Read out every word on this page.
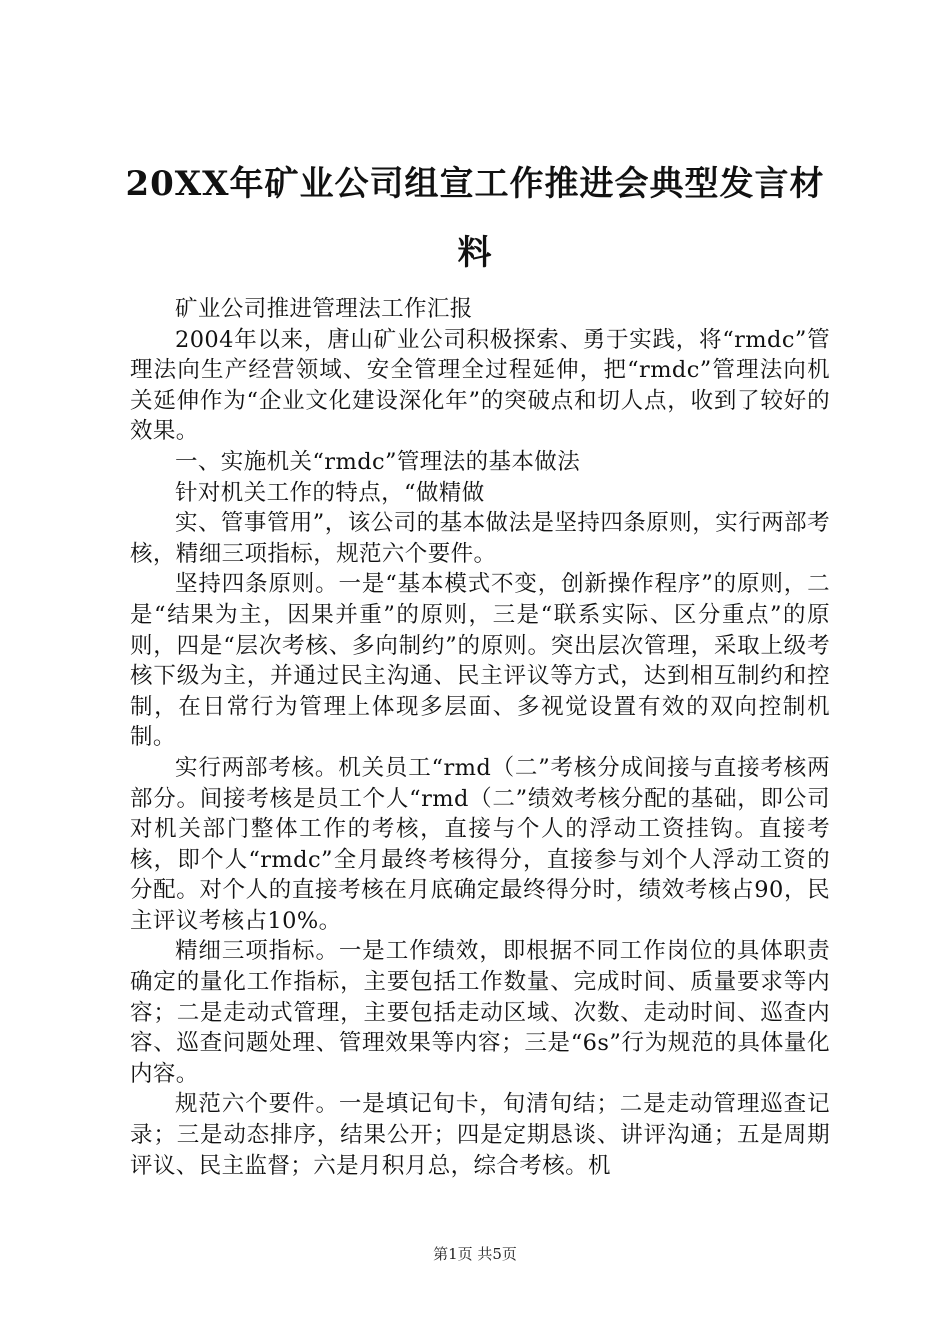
20XX年矿业公司组宣工作推进会典型发言材料

矿业公司推进管理法工作汇报

2004年以来，唐山矿业公司积极探索、勇于实践，将“rmdc”管理法向生产经营领域、安全管理全过程延伸，把“rmdc”管理法向机关延伸作为“企业文化建设深化年”的突破点和切人点，收到了较好的效果。

一、实施机关“rmdc”管理法的基本做法

针对机关工作的特点，“做精做

实、管事管用”，该公司的基本做法是坚持四条原则，实行两部考核，精细三项指标，规范六个要件。

坚持四条原则。一是“基本模式不变，创新操作程序”的原则，二是“结果为主，因果并重”的原则，三是“联系实际、区分重点”的原则，四是“层次考核、多向制约”的原则。突出层次管理，采取上级考核下级为主，并通过民主沟通、民主评议等方式，达到相互制约和控制，在日常行为管理上体现多层面、多视觉设置有效的双向控制机制。

实行两部考核。机关员工“rmd（二”考核分成间接与直接考核两部分。间接考核是员工个人“rmd（二”绩效考核分配的基础，即公司对机关部门整体工作的考核，直接与个人的浮动工资挂钩。直接考核，即个人“rmdc”全月最终考核得分，直接参与刘个人浮动工资的分配。对个人的直接考核在月底确定最终得分时，绩效考核占90，民主评议考核占10%。

精细三项指标。一是工作绩效，即根据不同工作岗位的具体职责确定的量化工作指标，主要包括工作数量、完成时间、质量要求等内容；二是走动式管理，主要包括走动区域、次数、走动时间、巡查内容、巡查问题处理、管理效果等内容；三是“6s”行为规范的具体量化内容。

规范六个要件。一是填记旬卡，旬清旬结；二是走动管理巡查记录；三是动态排序，结果公开；四是定期恳谈、讲评沟通；五是周期评议、民主监督；六是月积月总，综合考核。机

第1页 共5页
